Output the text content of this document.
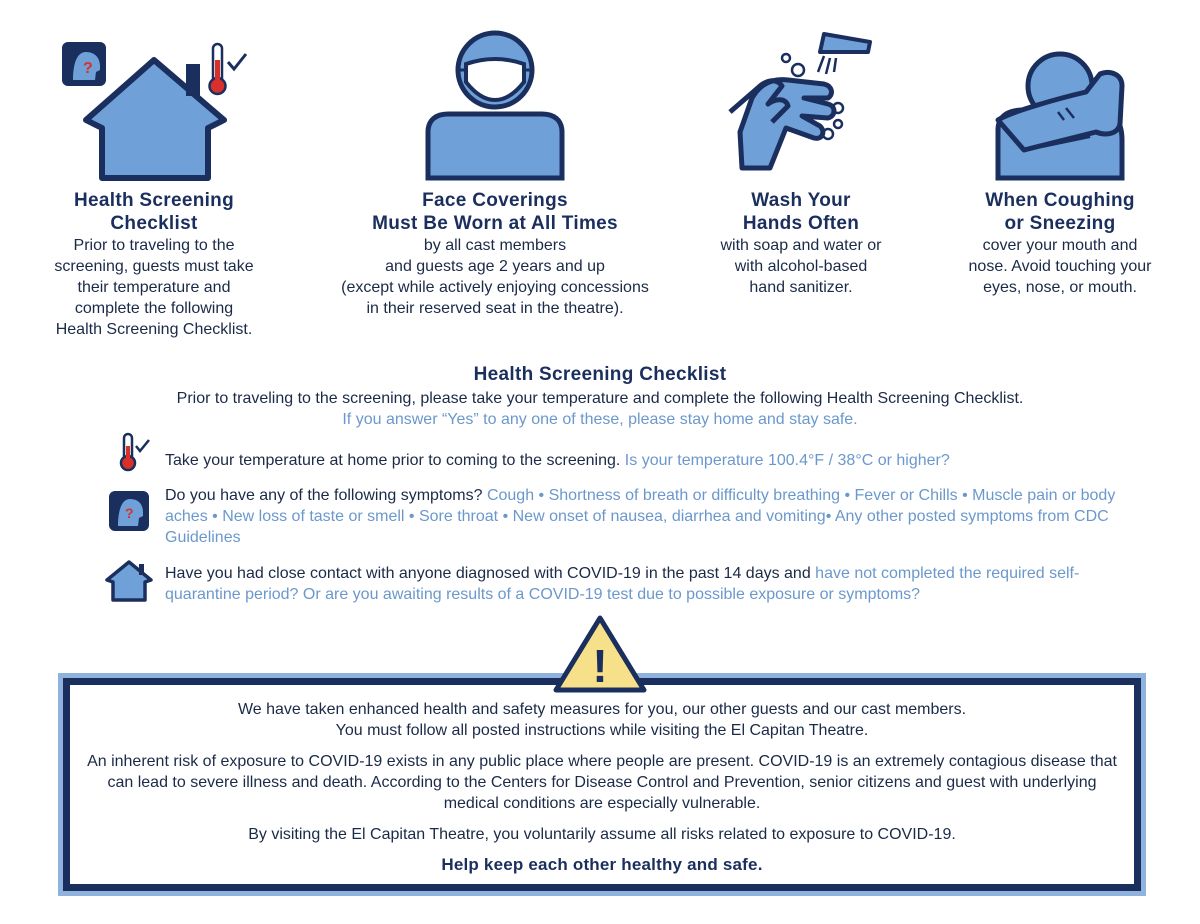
?
Health Screening
Checklist
Prior to traveling to the
screening, guests must take
their temperature and
complete the following
Health Screening Checklist.
Face Coverings
Must Be Worn at All Times
by all cast members
and guests age 2 years and up
(except while actively enjoying concessions
in their reserved seat in the theatre).
Wash Your
Hands Often
with soap and water or
with alcohol-based
hand sanitizer.
When Coughing
or Sneezing
cover your mouth and
nose. Avoid touching your
eyes, nose, or mouth.
Health Screening Checklist
Prior to traveling to the screening, please take your temperature and complete the following Health Screening Checklist.
If you answer “Yes” to any one of these, please stay home and stay safe.
Take your temperature at home prior to coming to the screening. Is your temperature 100.4°F / 38°C or higher?
?
Do you have any of the following symptoms? Cough • Shortness of breath or difficulty breathing • Fever or Chills • Muscle pain or body aches • New loss of taste or smell • Sore throat • New onset of nausea, diarrhea and vomiting• Any other posted symptoms from CDC Guidelines
Have you had close contact with anyone diagnosed with COVID-19 in the past 14 days and have not completed the required self-quarantine period? Or are you awaiting results of a COVID-19 test due to possible exposure or symptoms?
!
We have taken enhanced health and safety measures for you, our other guests and our cast members.
You must follow all posted instructions while visiting the El Capitan Theatre.
An inherent risk of exposure to COVID-19 exists in any public place where people are present. COVID-19 is an extremely contagious disease that
can lead to severe illness and death. According to the Centers for Disease Control and Prevention, senior citizens and guest with underlying
medical conditions are especially vulnerable.
By visiting the El Capitan Theatre, you voluntarily assume all risks related to exposure to COVID-19.
Help keep each other healthy and safe.
